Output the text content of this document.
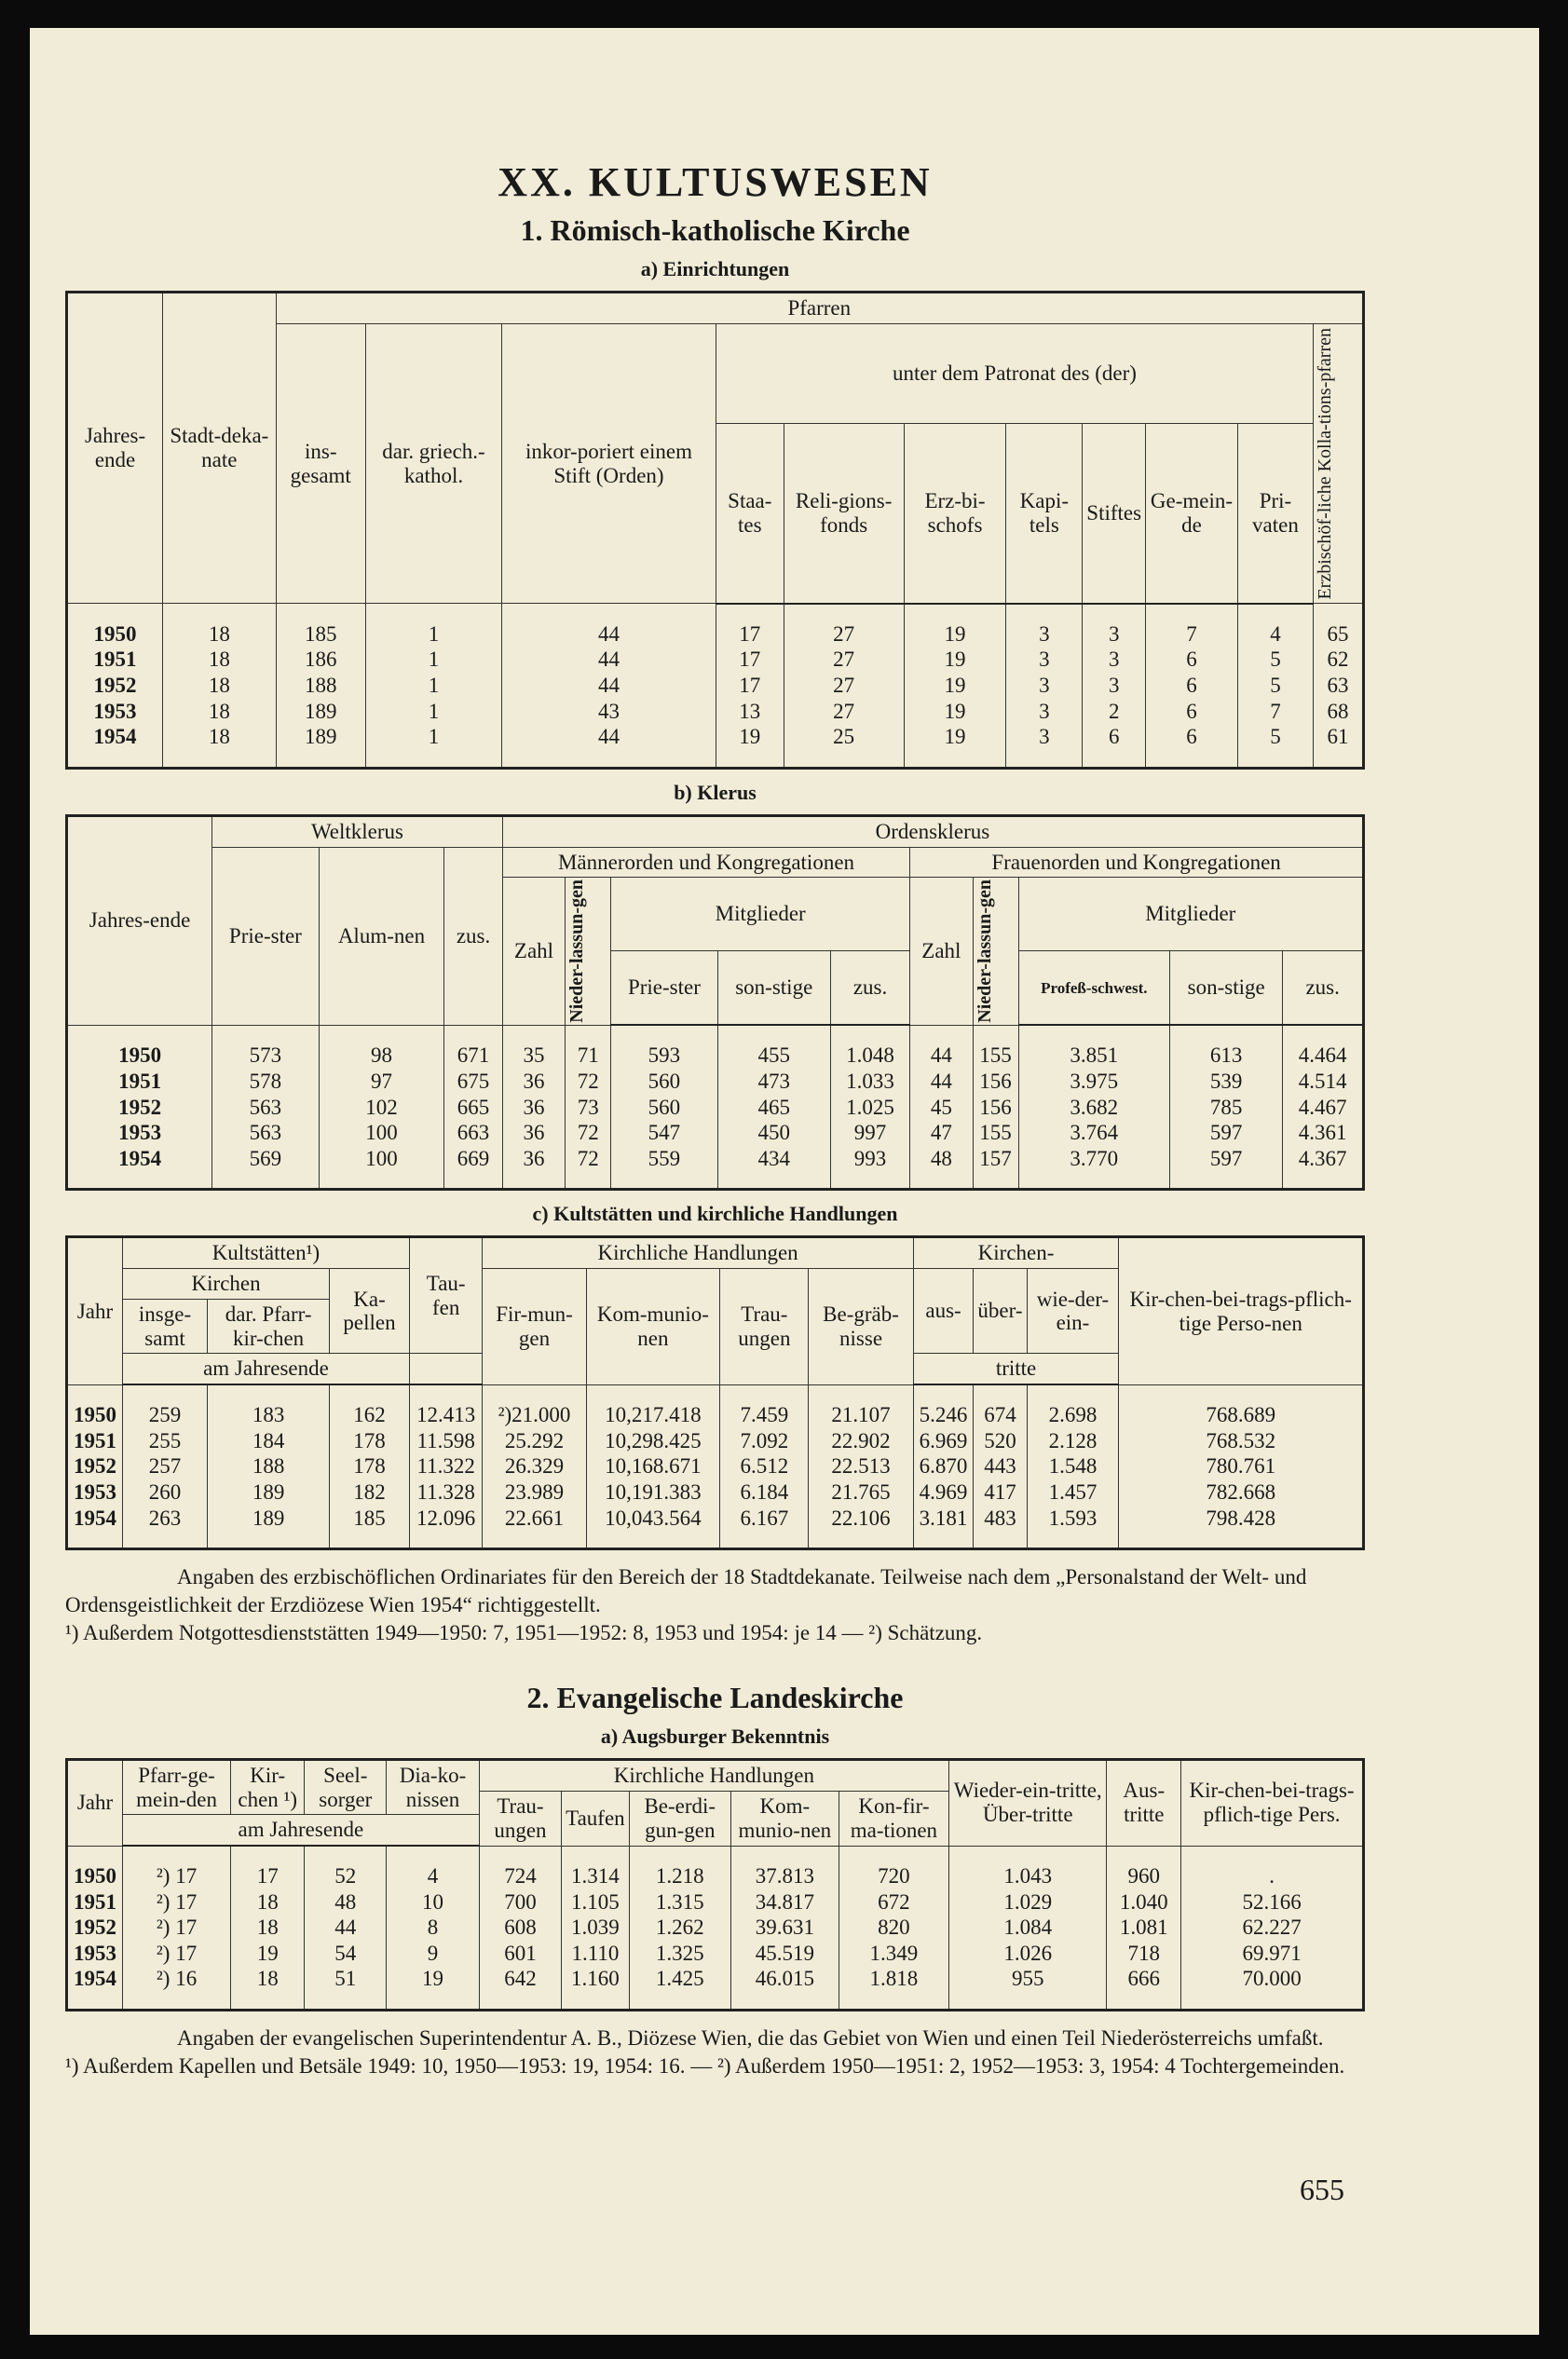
XX. KULTUSWESEN
1. Römisch-katholische Kirche
a) Einrichtungen
Jahres-ende	Stadt-deka-nate	Pfarren										
		ins-gesamt	dar. griech.-kathol.	inkor-poriert einem Stift (Orden)	unter dem Patronat des (der)							Erzbischöf-liche Kolla-tions-pfarren

					Staa-tes	Reli-gions-fonds	Erz-bi-schofs	Kapi-tels	Stiftes	Ge-mein-de	Pri-vaten	
1950	18	185	1	44	17	27	19	3	3	7	4	65
1951	18	186	1	44	17	27	19	3	3	6	5	62
1952	18	188	1	44	17	27	19	3	3	6	5	63
1953	18	189	1	43	13	27	19	3	2	6	7	68
1954	18	189	1	44	19	25	19	3	6	6	5	61
b) Klerus
Jahres-ende	Weltklerus			Ordensklerus									
	Prie-ster	Alum-nen	zus.	Männerorden und Kongregationen					Frauenorden und Kongregationen				
				Zahl	Nieder-lassun-gen	Mitglieder			Zahl	Nieder-lassun-gen	Mitglieder		
						Prie-ster	son-stige	zus.			Profeß-schwest.	son-stige	zus.
1950	573	98	671	35	71	593	455	1.048	44	155	3.851	613	4.464
1951	578	97	675	36	72	560	473	1.033	44	156	3.975	539	4.514
1952	563	102	665	36	73	560	465	1.025	45	156	3.682	785	4.467
1953	563	100	663	36	72	547	450	997	47	155	3.764	597	4.361
1954	569	100	669	36	72	559	434	993	48	157	3.770	597	4.367
c) Kultstätten und kirchliche Handlungen
Jahr	Kultstätten¹)			Tau-fen	Kirchliche Handlungen				Kirchen-			Kir-chen-bei-trags-pflich-tige Perso-nen
	Kirchen		Ka-pellen		Fir-mun-gen	Kom-munio-nen	Trau-ungen	Be-gräb-nisse	aus-	über-	wie-der-ein-	
	insge-samt	dar. Pfarr-kir-chen										
	am Jahresende								tritte			
1950	259	183	162	12.413	²)21.000	10,217.418	7.459	21.107	5.246	674	2.698	768.689
1951	255	184	178	11.598	25.292	10,298.425	7.092	22.902	6.969	520	2.128	768.532
1952	257	188	178	11.322	26.329	10,168.671	6.512	22.513	6.870	443	1.548	780.761
1953	260	189	182	11.328	23.989	10,191.383	6.184	21.765	4.969	417	1.457	782.668
1954	263	189	185	12.096	22.661	10,043.564	6.167	22.106	3.181	483	1.593	798.428

Angaben des erzbischöflichen Ordinariates für den Bereich der 18 Stadtdekanate. Teilweise nach dem „Personalstand der Welt- und Ordensgeistlichkeit der Erzdiözese Wien 1954“ richtiggestellt.

¹) Außerdem Notgottesdienststätten 1949—1950: 7, 1951—1952: 8, 1953 und 1954: je 14 — ²) Schätzung.

2. Evangelische Landeskirche
a) Augsburger Bekenntnis
Jahr	Pfarr-ge-mein-den	Kir-chen ¹)	Seel-sorger	Dia-ko-nissen	Kirchliche Handlungen					Wieder-ein-tritte, Über-tritte	Aus-tritte	Kir-chen-bei-trags-pflich-tige Pers.
					Trau-ungen	Taufen	Be-erdi-gun-gen	Kom-munio-nen	Kon-fir-ma-tionen			
	am Jahresende											
1950	²) 17	17	52	4	724	1.314	1.218	37.813	720	1.043	960	.
1951	²) 17	18	48	10	700	1.105	1.315	34.817	672	1.029	1.040	52.166
1952	²) 17	18	44	8	608	1.039	1.262	39.631	820	1.084	1.081	62.227
1953	²) 17	19	54	9	601	1.110	1.325	45.519	1.349	1.026	718	69.971
1954	²) 16	18	51	19	642	1.160	1.425	46.015	1.818	955	666	70.000

Angaben der evangelischen Superintendentur A. B., Diözese Wien, die das Gebiet von Wien und einen Teil Niederösterreichs umfaßt.

¹) Außerdem Kapellen und Betsäle 1949: 10, 1950—1953: 19, 1954: 16. — ²) Außerdem 1950—1951: 2, 1952—1953: 3, 1954: 4 Tochtergemeinden.

655
